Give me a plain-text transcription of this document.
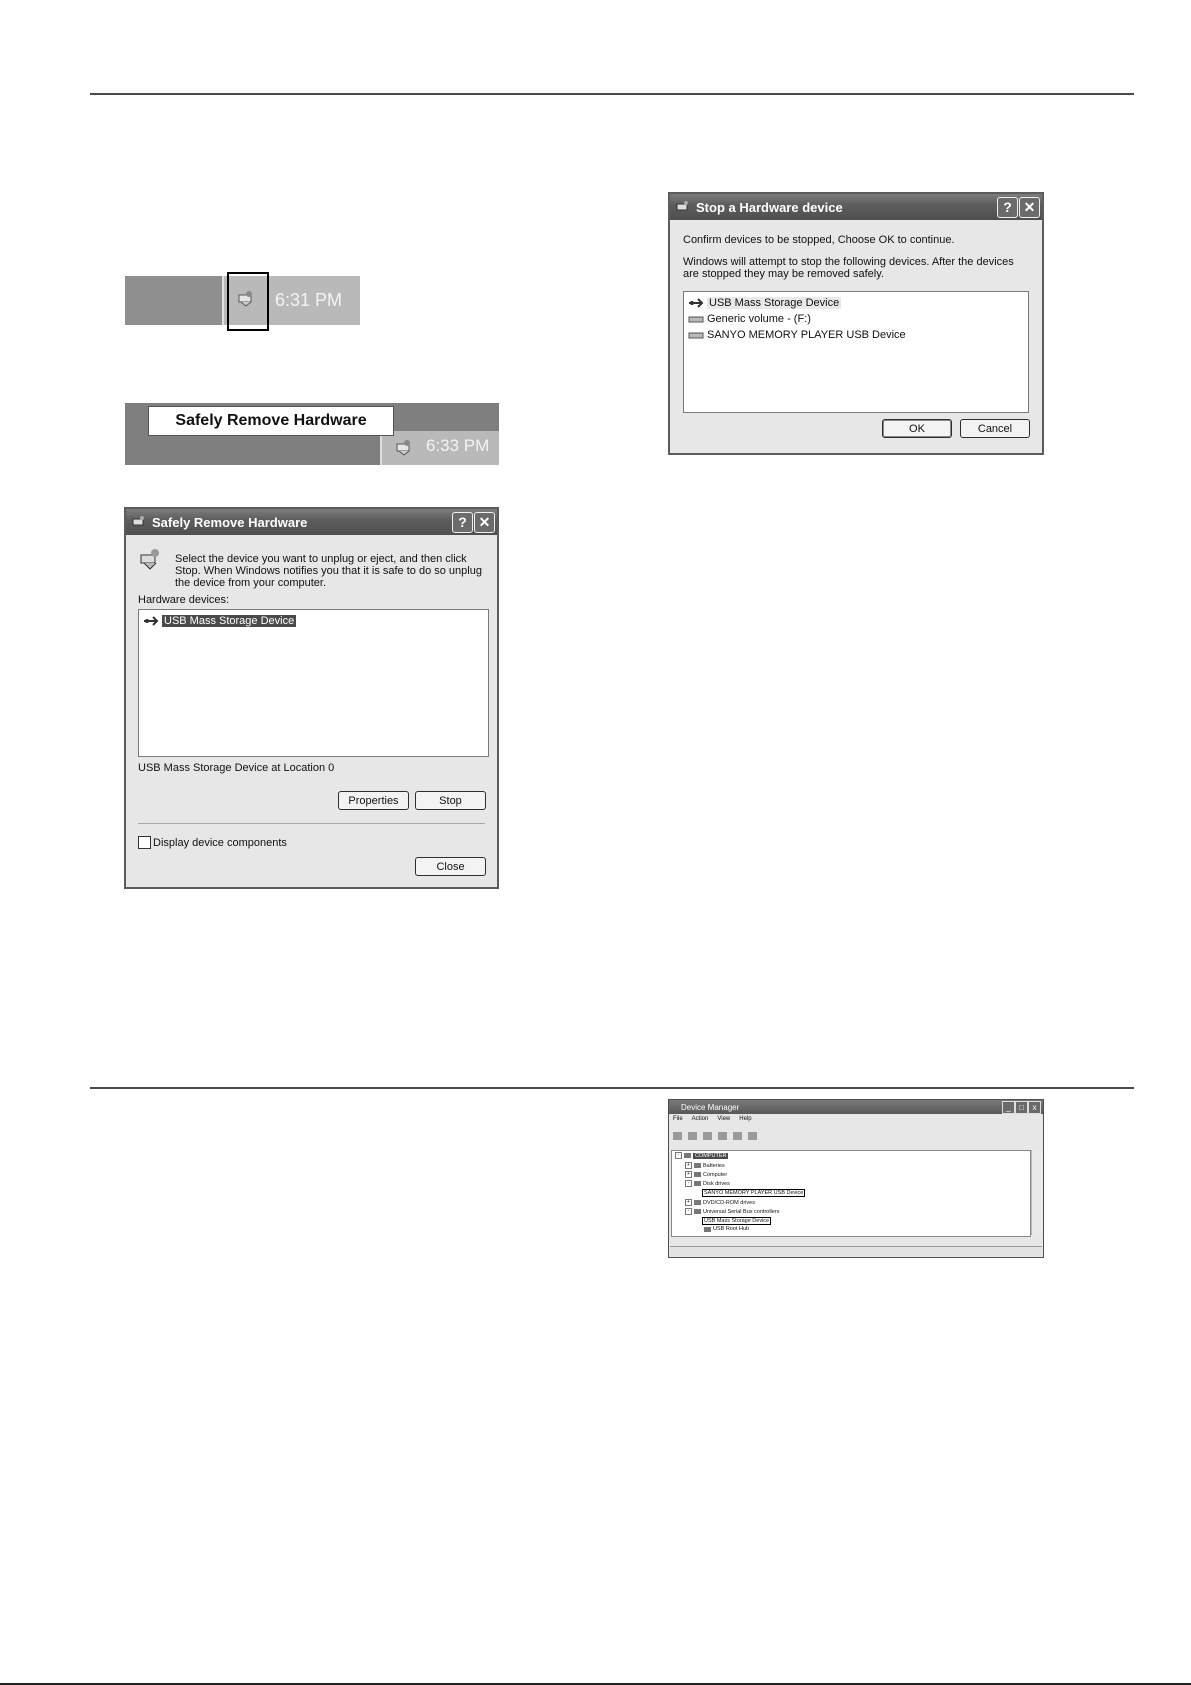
6:31 PM
6:33 PM
Safely Remove Hardware
Safely Remove Hardware	? ✕
Select the device you want to unplug or eject, and then click Stop. When Windows notifies you that it is safe to do so unplug the device from your computer.
Hardware devices:
USB Mass Storage Device
USB Mass Storage Device at Location 0
Properties	Stop
Display device components
Close
Stop a Hardware device	? ✕
Confirm devices to be stopped, Choose OK to continue.
Windows will attempt to stop the following devices. After the devices are stopped they may be removed safely.
USB Mass Storage Device
Generic volume - (F:)
SANYO MEMORY PLAYER USB Device
OK	Cancel
Device Manager	_	□	x
File Action View Help
-	COMPUTER
+	Batteries
+	Computer
-	Disk drives
SANYO MEMORY PLAYER USB Device
+	DVD/CD-ROM drives
-	Universal Serial Bus controllers
USB Mass Storage Device
USB Root Hub
